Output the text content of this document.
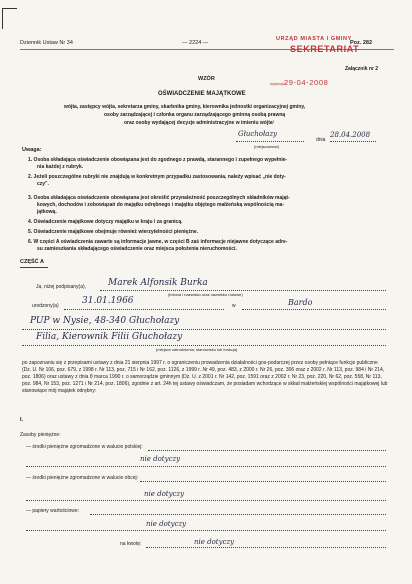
Dziennik Ustaw Nr 34	— 2224 —	Poz. 282
URZĄD MIASTA I GMINY
SEKRETARIAT
wpłynęło
29-04-2008
Załącznik nr 2
WZÓR
OŚWIADCZENIE MAJĄTKOWE
wójta, zastępcy wójta, sekretarza gminy, skarbnika gminy, kierownika jednostki organizacyjnej gminy,
osoby zarządzającej i członka organu zarządzającego gminną osobą prawną
oraz osoby wydającej decyzje administracyjne w imieniu wójta¹
Głuchołazy
dnia
28.04.2008
(miejscowość)
Uwaga:
1. Osoba składająca oświadczenie obowiązana jest do zgodnego z prawdą, starannego i zupełnego wypełnie-
nia każdej z rubryk.
2. Jeżeli poszczególne rubryki nie znajdują w konkretnym przypadku zastosowania, należy wpisać „nie doty-
czy”.
3. Osoba składająca oświadczenie obowiązana jest określić przynależność poszczególnych składników mająt-
kowych, dochodów i zobowiązań do majątku odrębnego i majątku objętego małżeńską wspólnością ma-
jątkową.
4. Oświadczenie majątkowe dotyczy majątku w kraju i za granicą.
5. Oświadczenie majątkowe obejmuje również wierzytelności pieniężne.
6. W części A oświadczenia zawarte są informacje jawne, w części B zaś informacje niejawne dotyczące adre-
su zamieszkania składającego oświadczenie oraz miejsca położenia nieruchomości.
CZĘŚĆ A
Ja, niżej podpisany(a), Marek Alfonsik Burka
(imiona i nazwisko oraz nazwisko rodowe)
urodzony(a)	31.01.1966	w	Bardo
PUP w Nysie, 48-340 Głuchołazy
Filia, Kierownik Filii Głuchołazy
(miejsce zatrudnienia, stanowisko lub funkcja)
po zapoznaniu się z przepisami ustawy z dnia 21 sierpnia 1997 r. o ograniczeniu prowadzenia działalności gos-podarczej przez osoby pełniące funkcje publiczne (Dz. U. Nr 106, poz. 679, z 1998 r. Nr 113, poz. 715 i Nr 162, poz. 1126, z 1999 r. Nr 49, poz. 483, z 2000 r. Nr 26, poz. 306 oraz z 2002 r. Nr 113, poz. 984 i Nr 214, poz. 1806) oraz ustawy z dnia 8 marca 1990 r. o samorządzie gminnym (Dz. U. z 2001 r. Nr 142, poz. 1591 oraz z 2002 r. Nr 23, poz. 220, Nr 62, poz. 558, Nr 113, poz. 984, Nr 153, poz. 1271 i Nr 214, poz. 1806), zgodnie z art. 24h tej ustawy oświadczam, że posiadam wchodzące w skład małżeńskiej wspólności majątkowej lub stanowiące mój majątek odrębny:
I.
Zasoby pieniężne:
— środki pieniężne zgromadzone w walucie polskiej:
nie dotyczy
— środki pieniężne zgromadzone w walucie obcej:
nie dotyczy
— papiery wartościowe:
nie dotyczy
na kwotę:	nie dotyczy
